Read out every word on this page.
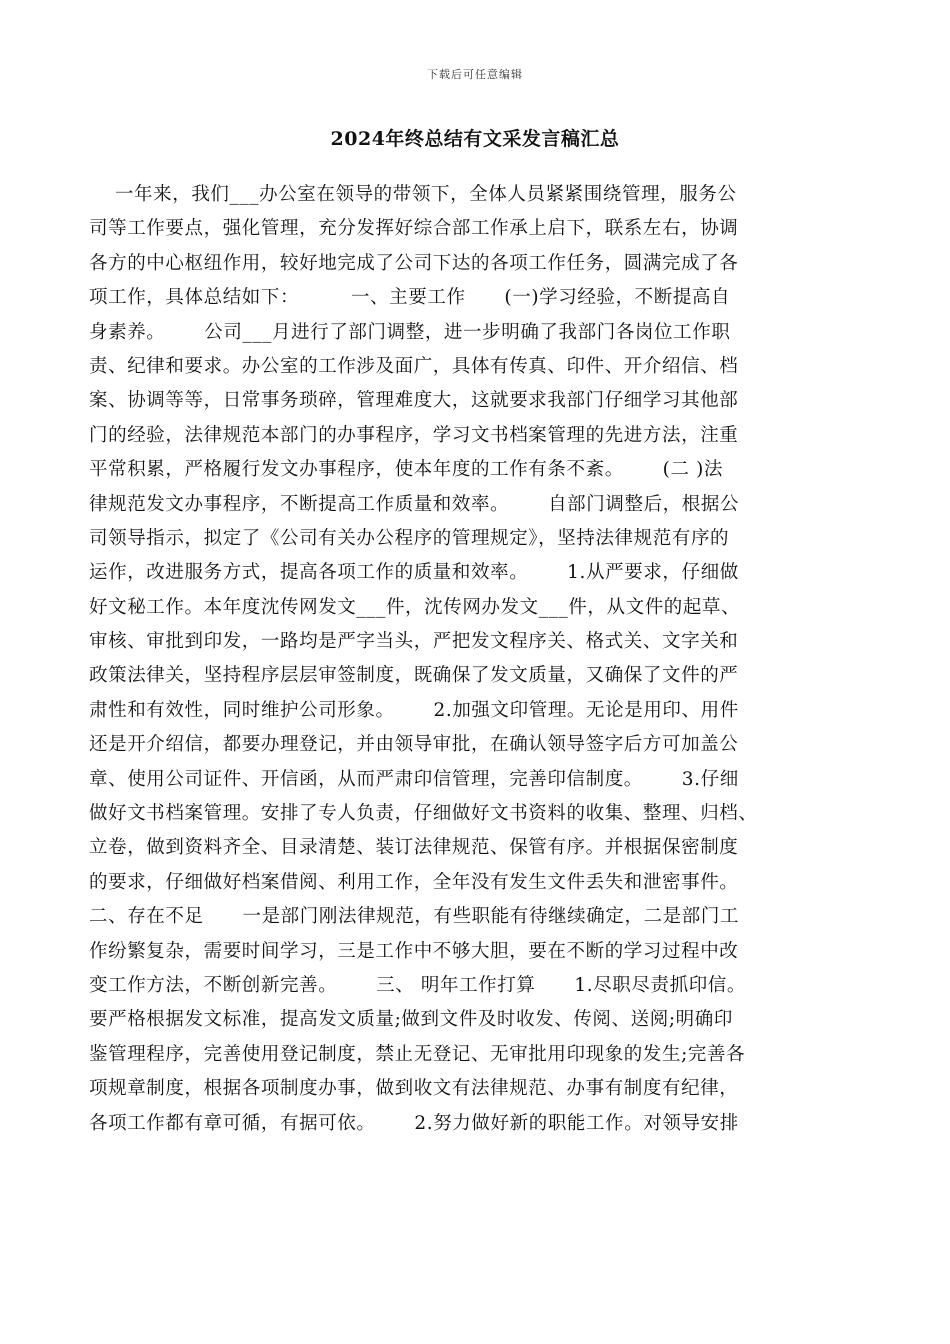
下载后可任意编辑
2024年终总结有文采发言稿汇总
一年来，我们___办公室在领导的带领下，全体人员紧紧围绕管理，服务公
司等工作要点，强化管理，充分发挥好综合部工作承上启下，联系左右，协调
各方的中心枢纽作用，较好地完成了公司下达的各项工作任务，圆满完成了各
项工作，具体总结如下：        一、主要工作      (一)学习经验，不断提高自
身素养。      公司___月进行了部门调整，进一步明确了我部门各岗位工作职
责、纪律和要求。办公室的工作涉及面广，具体有传真、印件、开介绍信、档
案、协调等等，日常事务琐碎，管理难度大，这就要求我部门仔细学习其他部
门的经验，法律规范本部门的办事程序，学习文书档案管理的先进方法，注重
平常积累，严格履行发文办事程序，使本年度的工作有条不紊。      (二 )法
律规范发文办事程序，不断提高工作质量和效率。      自部门调整后，根据公
司领导指示，拟定了《公司有关办公程序的管理规定》，坚持法律规范有序的
运作，改进服务方式，提高各项工作的质量和效率。      1.从严要求，仔细做
好文秘工作。本年度沈传网发文___件，沈传网办发文___件，从文件的起草、
审核、审批到印发，一路均是严字当头，严把发文程序关、格式关、文字关和
政策法律关，坚持程序层层审签制度，既确保了发文质量，又确保了文件的严
肃性和有效性，同时维护公司形象。      2.加强文印管理。无论是用印、用件
还是开介绍信，都要办理登记，并由领导审批，在确认领导签字后方可加盖公
章、使用公司证件、开信函，从而严肃印信管理，完善印信制度。      3.仔细
做好文书档案管理。安排了专人负责，仔细做好文书资料的收集、整理、归档、
立卷，做到资料齐全、目录清楚、装订法律规范、保管有序。并根据保密制度
的要求，仔细做好档案借阅、利用工作，全年没有发生文件丢失和泄密事件。
二、存在不足      一是部门刚法律规范，有些职能有待继续确定，二是部门工
作纷繁复杂，需要时间学习，三是工作中不够大胆，要在不断的学习过程中改
变工作方法，不断创新完善。      三、 明年工作打算      1.尽职尽责抓印信。
要严格根据发文标准，提高发文质量;做到文件及时收发、传阅、送阅;明确印
鉴管理程序，完善使用登记制度，禁止无登记、无审批用印现象的发生;完善各
项规章制度，根据各项制度办事，做到收文有法律规范、办事有制度有纪律，
各项工作都有章可循，有据可依。      2.努力做好新的职能工作。对领导安排
